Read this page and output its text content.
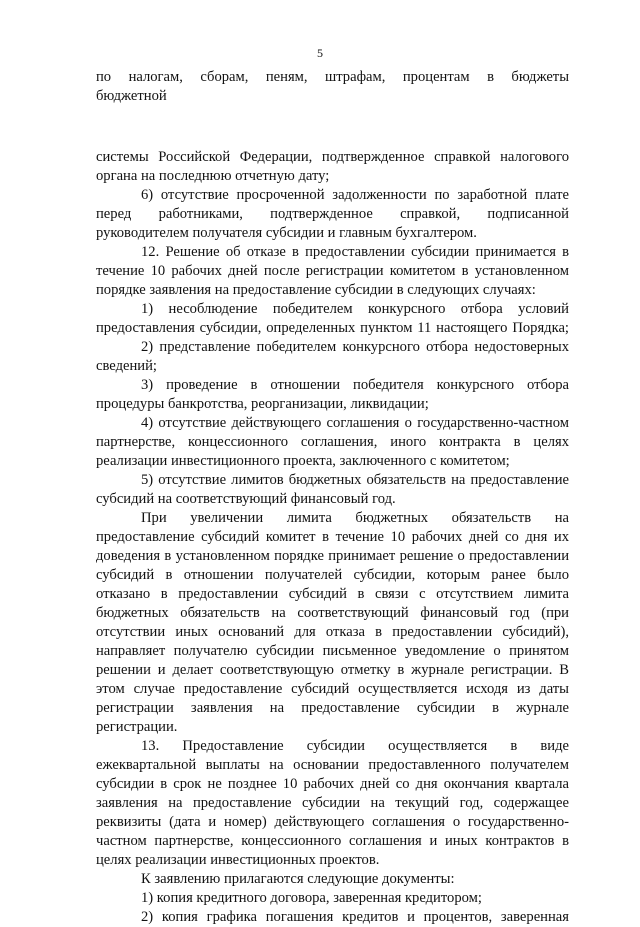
5
по налогам, сборам, пеням, штрафам, процентам в бюджеты
бюджетной
системы Российской Федерации, подтвержденное справкой налогового
органа на последнюю отчетную дату;
6) отсутствие просроченной задолженности по заработной плате
перед работниками, подтвержденное справкой, подписанной
руководителем получателя субсидии и главным бухгалтером.
12. Решение об отказе в предоставлении субсидии принимается в
течение 10 рабочих дней после регистрации комитетом в установленном
порядке заявления на предоставление субсидии в следующих случаях:
1) несоблюдение победителем конкурсного отбора условий
предоставления субсидии, определенных пунктом 11 настоящего Порядка;
2) представление победителем конкурсного отбора недостоверных
сведений;
3) проведение в отношении победителя конкурсного отбора
процедуры банкротства, реорганизации, ликвидации;
4) отсутствие действующего соглашения о государственно-частном
партнерстве, концессионного соглашения, иного контракта в целях
реализации инвестиционного проекта, заключенного с комитетом;
5) отсутствие лимитов бюджетных обязательств на предоставление
субсидий на соответствующий финансовый год.
При увеличении лимита бюджетных обязательств на
предоставление субсидий комитет в течение 10 рабочих дней со дня их
доведения в установленном порядке принимает решение о предоставлении
субсидий в отношении получателей субсидии, которым ранее было
отказано в предоставлении субсидий в связи с отсутствием лимита
бюджетных обязательств на соответствующий финансовый год (при
отсутствии иных оснований для отказа в предоставлении субсидий),
направляет получателю субсидии письменное уведомление о принятом
решении и делает соответствующую отметку в журнале регистрации. В
этом случае предоставление субсидий осуществляется исходя из даты
регистрации заявления на предоставление субсидии в журнале
регистрации.
13. Предоставление субсидии осуществляется в виде
ежеквартальной выплаты на основании предоставленного получателем
субсидии в срок не позднее 10 рабочих дней со дня окончания квартала
заявления на предоставление субсидии на текущий год, содержащее
реквизиты (дата и номер) действующего соглашения о государственно-
частном партнерстве, концессионного соглашения и иных контрактов в
целях реализации инвестиционных проектов.
К заявлению прилагаются следующие документы:
1) копия кредитного договора, заверенная кредитором;
2) копия графика погашения кредитов и процентов, заверенная
